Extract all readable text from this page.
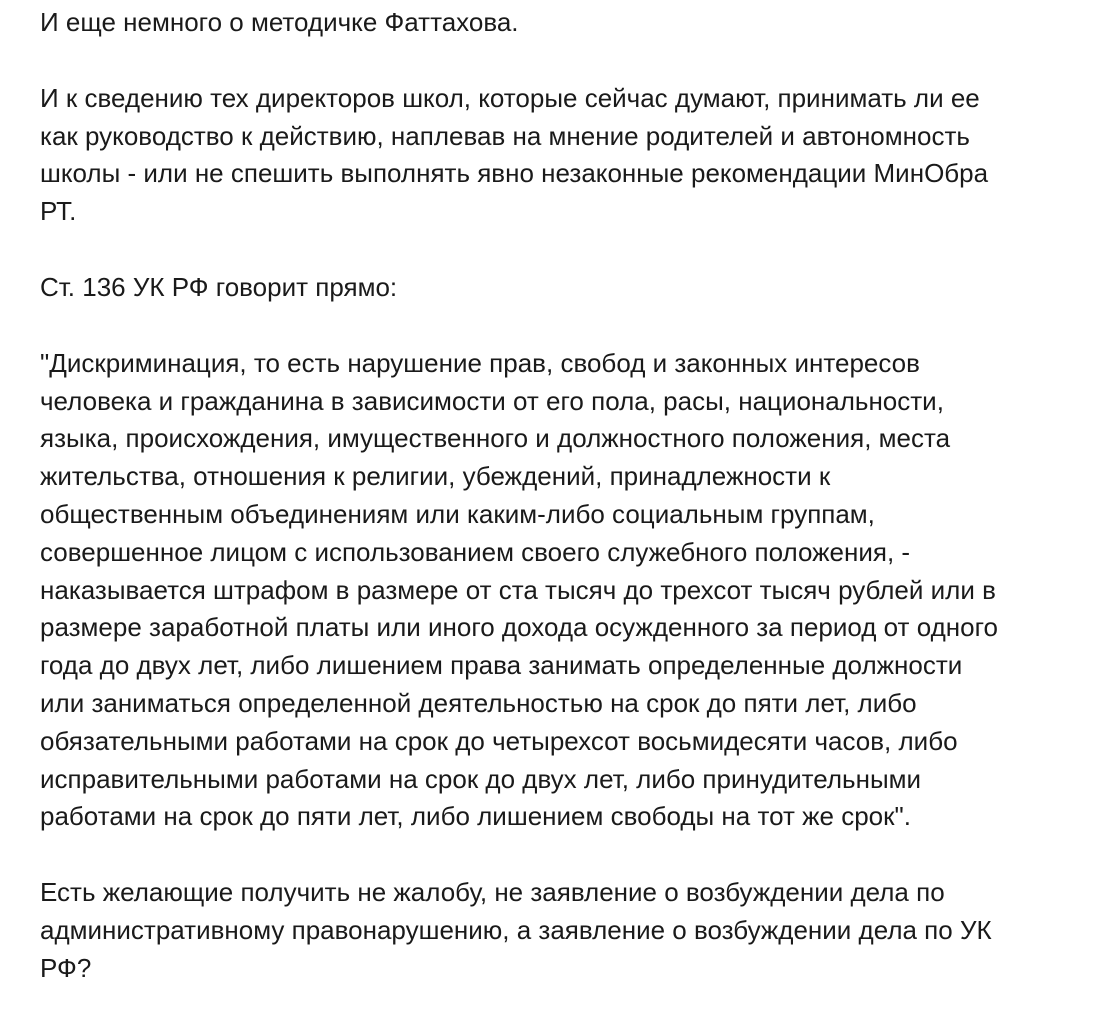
И еще немного о методичке Фаттахова.

И к сведению тех директоров школ, которые сейчас думают, принимать ли ее
как руководство к действию, наплевав на мнение родителей и автономность
школы - или не спешить выполнять явно незаконные рекомендации МинОбра
РТ.

Ст. 136 УК РФ говорит прямо:

"Дискриминация, то есть нарушение прав, свобод и законных интересов
человека и гражданина в зависимости от его пола, расы, национальности,
языка, происхождения, имущественного и должностного положения, места
жительства, отношения к религии, убеждений, принадлежности к
общественным объединениям или каким-либо социальным группам,
совершенное лицом с использованием своего служебного положения, -
наказывается штрафом в размере от ста тысяч до трехсот тысяч рублей или в
размере заработной платы или иного дохода осужденного за период от одного
года до двух лет, либо лишением права занимать определенные должности
или заниматься определенной деятельностью на срок до пяти лет, либо
обязательными работами на срок до четырехсот восьмидесяти часов, либо
исправительными работами на срок до двух лет, либо принудительными
работами на срок до пяти лет, либо лишением свободы на тот же срок".

Есть желающие получить не жалобу, не заявление о возбуждении дела по
административному правонарушению, а заявление о возбуждении дела по УК
РФ?
